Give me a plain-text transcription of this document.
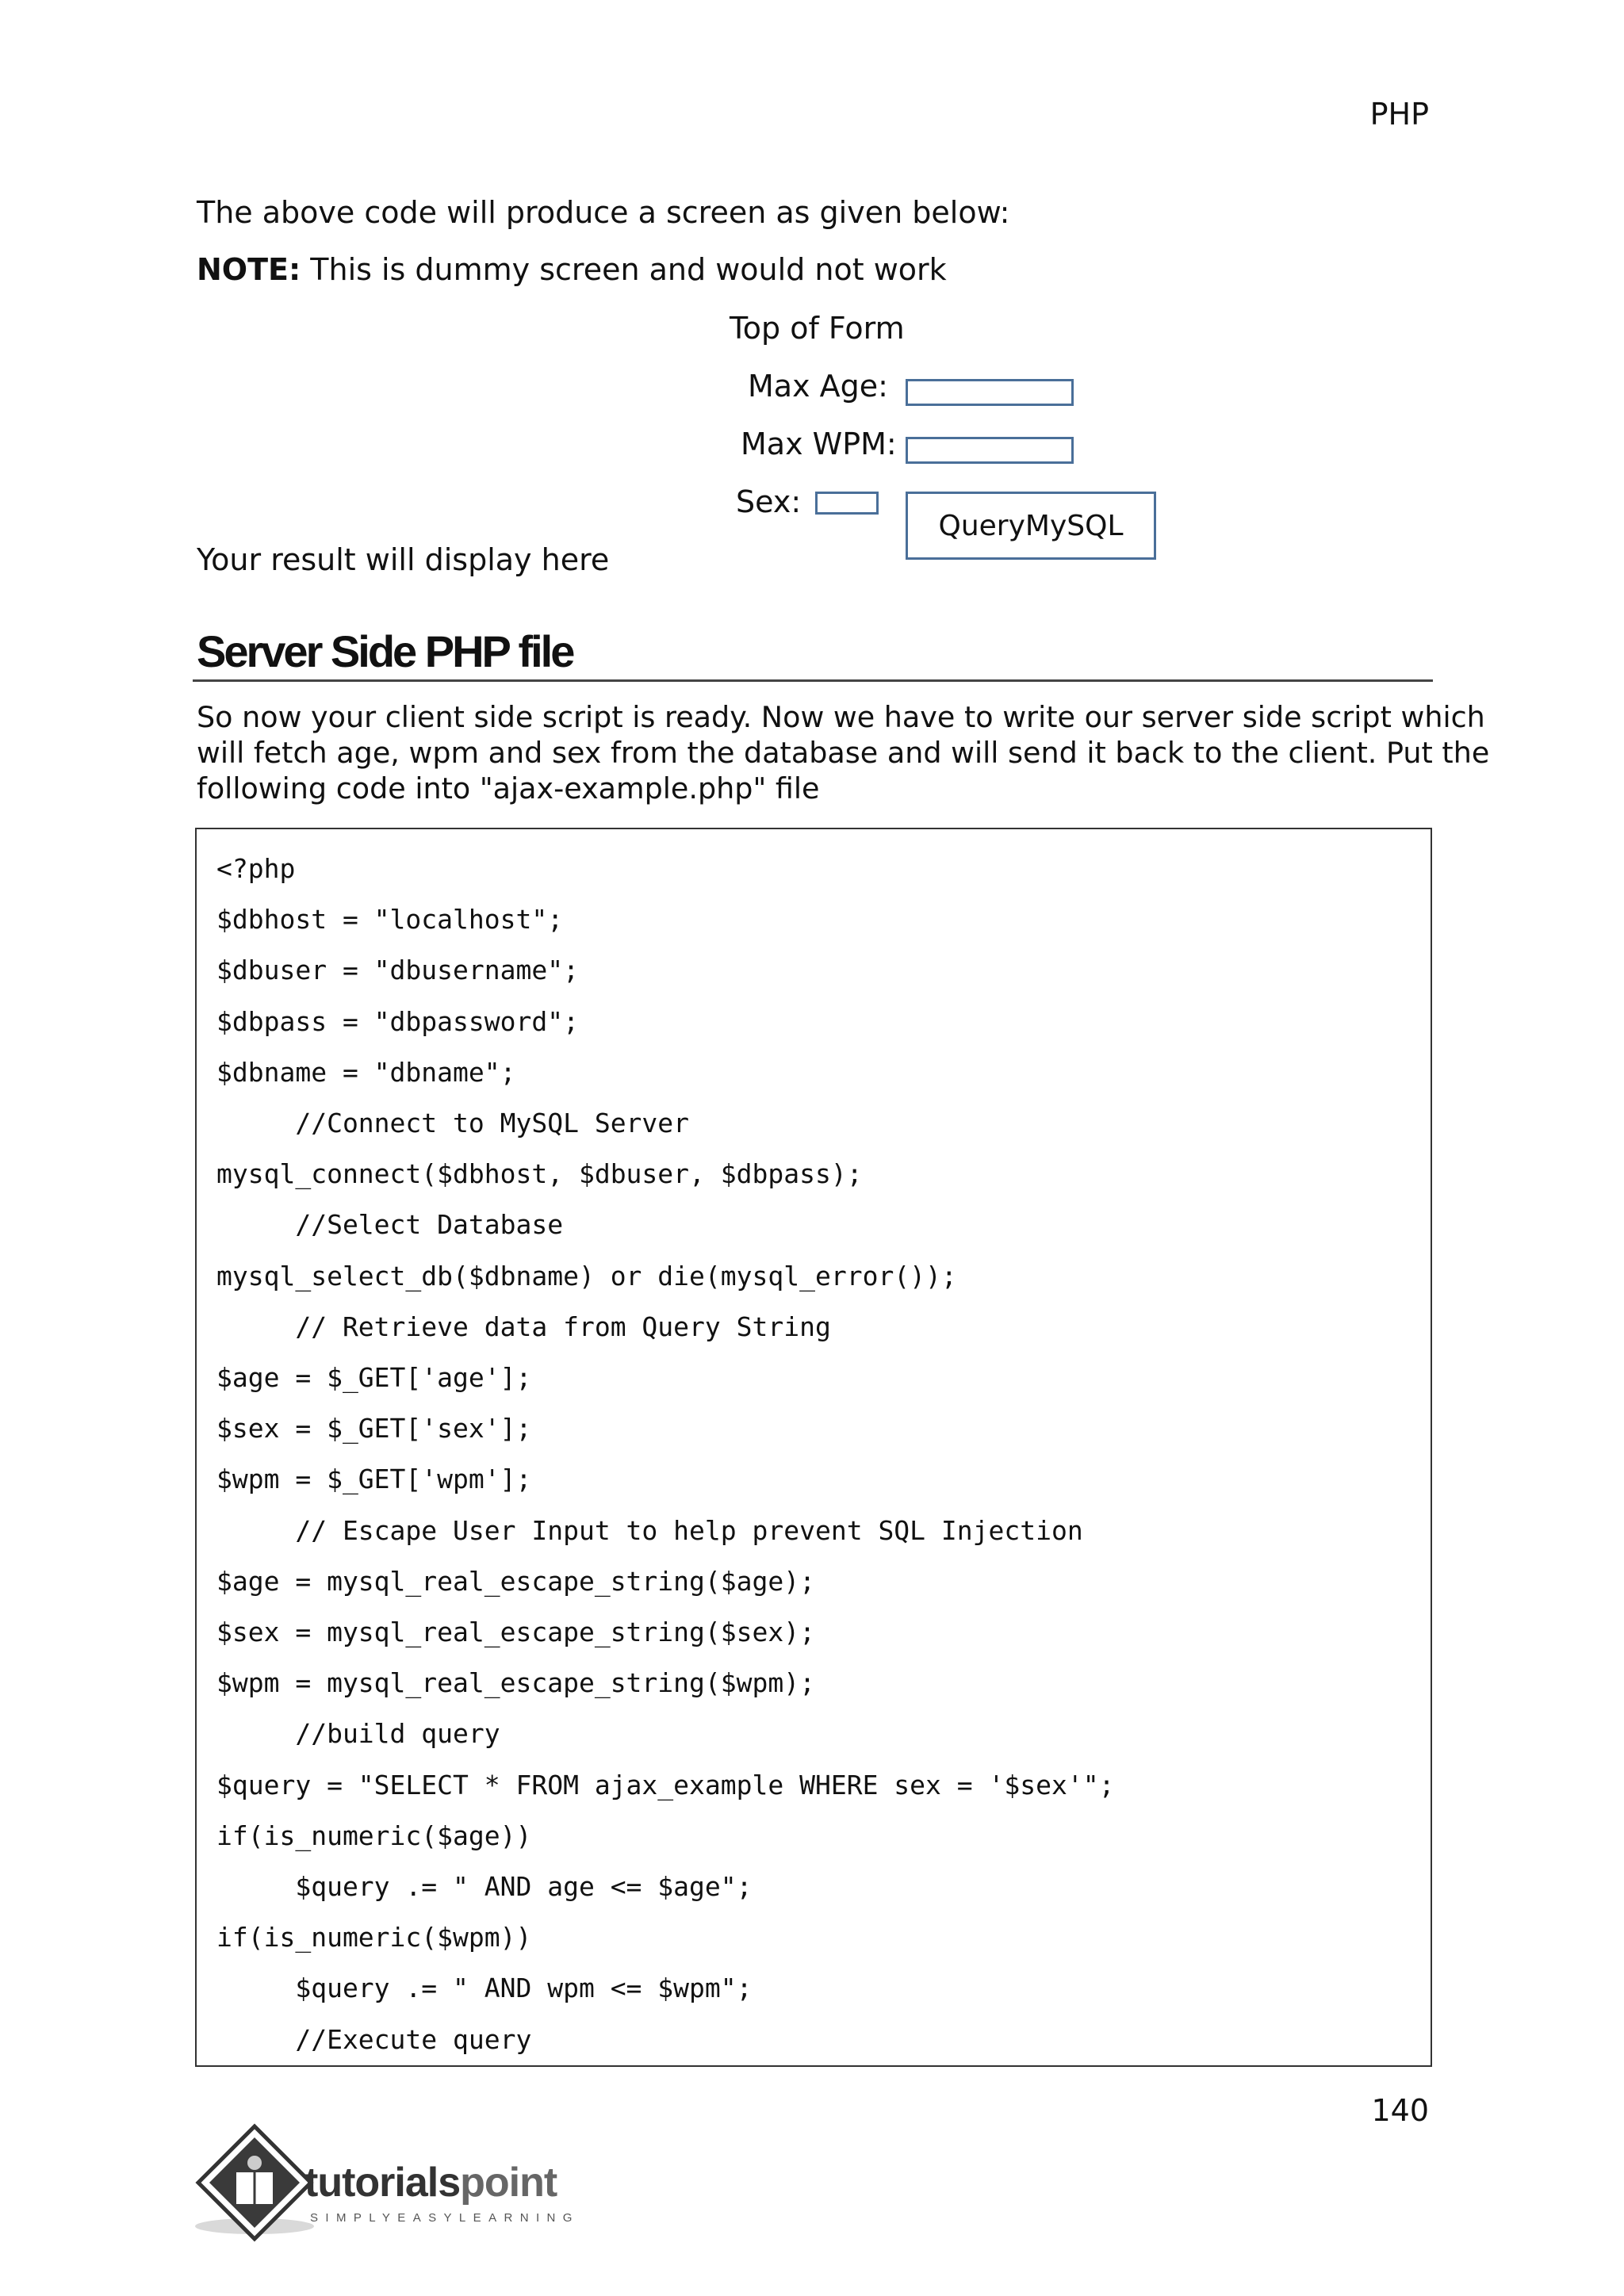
PHP
The above code will produce a screen as given below:
NOTE: This is dummy screen and would not work
Top of Form
Max Age:
Max WPM:
Sex:
QueryMySQL
Your result will display here
Server Side PHP file
So now your client side script is ready. Now we have to write our server side script which
will fetch age, wpm and sex from the database and will send it back to the client. Put the
following code into "ajax-example.php" file
<?php
$dbhost = "localhost";
$dbuser = "dbusername";
$dbpass = "dbpassword";
$dbname = "dbname";
//Connect to MySQL Server
mysql_connect($dbhost, $dbuser, $dbpass);
//Select Database
mysql_select_db($dbname) or die(mysql_error());
// Retrieve data from Query String
$age = $_GET['age'];
$sex = $_GET['sex'];
$wpm = $_GET['wpm'];
// Escape User Input to help prevent SQL Injection
$age = mysql_real_escape_string($age);
$sex = mysql_real_escape_string($sex);
$wpm = mysql_real_escape_string($wpm);
//build query
$query = "SELECT * FROM ajax_example WHERE sex = '$sex'";
if(is_numeric($age))
$query .= " AND age <= $age";
if(is_numeric($wpm))
$query .= " AND wpm <= $wpm";
//Execute query
140
tutorialspoint
SIMPLYEASYLEARNING
